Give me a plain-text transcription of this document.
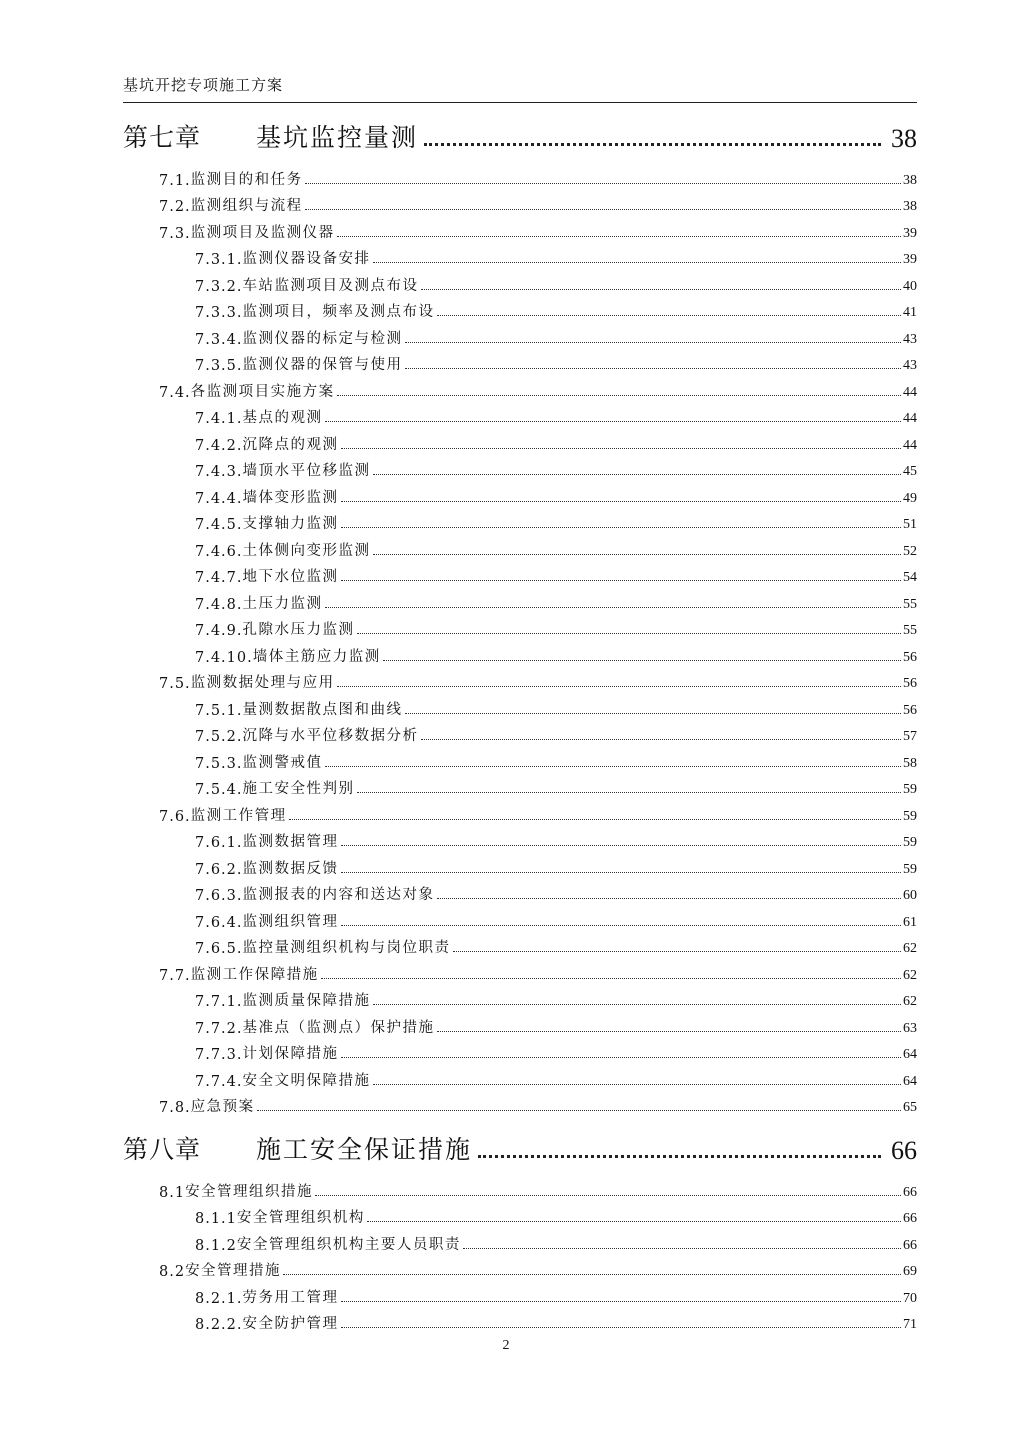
基坑开挖专项施工方案
第七章 基坑监控量测	38
7.1. 监测目的和任务	38
7.2. 监测组织与流程	38
7.3. 监测项目及监测仪器	39
7.3.1. 监测仪器设备安排	39
7.3.2. 车站监测项目及测点布设	40
7.3.3. 监测项目，频率及测点布设	41
7.3.4. 监测仪器的标定与检测	43
7.3.5. 监测仪器的保管与使用	43
7.4. 各监测项目实施方案	44
7.4.1. 基点的观测	44
7.4.2. 沉降点的观测	44
7.4.3. 墙顶水平位移监测	45
7.4.4. 墙体变形监测	49
7.4.5. 支撑轴力监测	51
7.4.6. 土体侧向变形监测	52
7.4.7. 地下水位监测	54
7.4.8. 土压力监测	55
7.4.9. 孔隙水压力监测	55
7.4.10. 墙体主筋应力监测	56
7.5. 监测数据处理与应用	56
7.5.1. 量测数据散点图和曲线	56
7.5.2. 沉降与水平位移数据分析	57
7.5.3. 监测警戒值	58
7.5.4. 施工安全性判别	59
7.6. 监测工作管理	59
7.6.1. 监测数据管理	59
7.6.2. 监测数据反馈	59
7.6.3. 监测报表的内容和送达对象	60
7.6.4. 监测组织管理	61
7.6.5. 监控量测组织机构与岗位职责	62
7.7. 监测工作保障措施	62
7.7.1. 监测质量保障措施	62
7.7.2. 基准点（监测点）保护措施	63
7.7.3. 计划保障措施	64
7.7.4. 安全文明保障措施	64
7.8. 应急预案	65
第八章 施工安全保证措施	66
8.1 安全管理组织措施	66
8.1.1 安全管理组织机构	66
8.1.2 安全管理组织机构主要人员职责	66
8.2 安全管理措施	69
8.2.1. 劳务用工管理	70
8.2.2. 安全防护管理	71
2
